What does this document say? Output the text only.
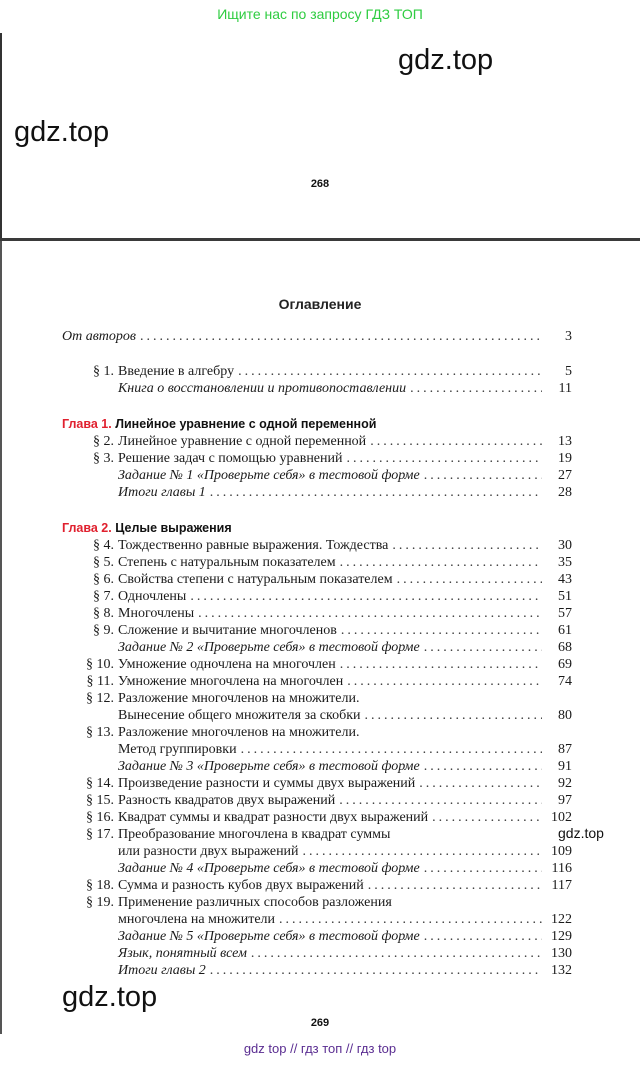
Ищите нас по запросу ГДЗ ТОП
gdz.top
gdz.top
268
Оглавление
От авторов .....	3
§ 1. Введение в алгебру .....	5
Книга о восстановлении и противопоставлении .....	11
Глава 1.
Линейное уравнение с одной переменной
§ 2. Линейное уравнение с одной переменной .....	13
§ 3. Решение задач с помощью уравнений .....	19
Задание № 1 «Проверьте себя» в тестовой форме .....	27
Итоги главы 1 .....	28
Глава 2.
Целые выражения
§ 4. Тождественно равные выражения. Тождества .....	30
§ 5. Степень с натуральным показателем .....	35
§ 6. Свойства степени с натуральным показателем .....	43
§ 7. Одночлены .....	51
§ 8. Многочлены .....	57
§ 9. Сложение и вычитание многочленов .....	61
Задание № 2 «Проверьте себя» в тестовой форме .....	68
§ 10. Умножение одночлена на многочлен .....	69
§ 11. Умножение многочлена на многочлен .....	74
§ 12. Разложение многочленов на множители.
Вынесение общего множителя за скобки .....	80
§ 13. Разложение многочленов на множители.
Метод группировки .....	87
Задание № 3 «Проверьте себя» в тестовой форме .....	91
§ 14. Произведение разности и суммы двух выражений .....	92
§ 15. Разность квадратов двух выражений .....	97
§ 16. Квадрат суммы и квадрат разности двух выражений .....	102
§ 17. Преобразование многочлена в квадрат суммы
или разности двух выражений .....	109
Задание № 4 «Проверьте себя» в тестовой форме .....	116
§ 18. Сумма и разность кубов двух выражений .....	117
§ 19. Применение различных способов разложения
многочлена на множители .....	122
Задание № 5 «Проверьте себя» в тестовой форме .....	129
Язык, понятный всем .....	130
Итоги главы 2 .....	132
gdz.top
gdz.top
269
gdz top // гдз топ // гдз top
